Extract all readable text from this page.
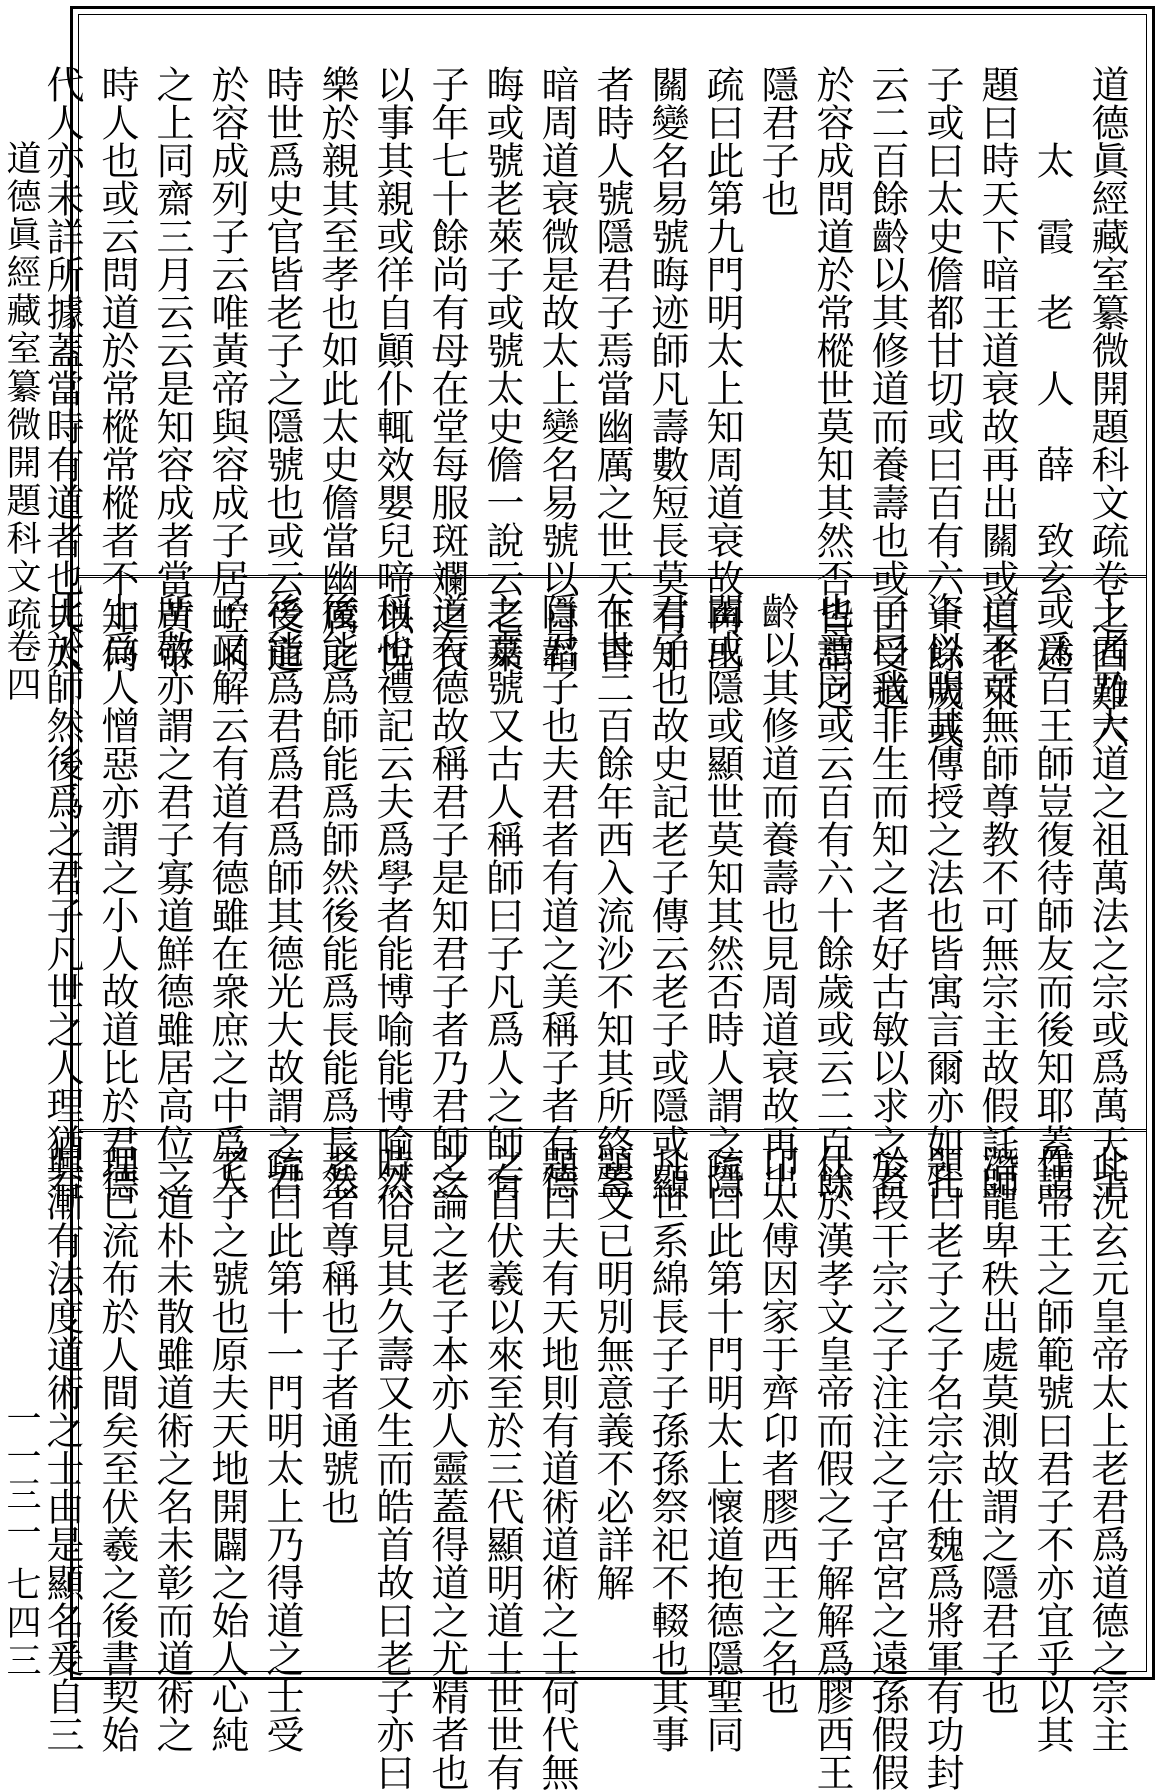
道德眞經藏室纂微開題科文疏
卷四
一一三一 七四三
道德眞經藏室纂微開題科文疏卷之四難六
　　太　霞　老　人　薛　致玄　述
題曰時天下暗王道衰故再出關或曰老萊
子或曰太史儋都甘切或曰百有六十餘歲或
云二百餘齡以其修道而養壽也或曰受道
於容成問道於常樅世莫知其然否皆謂之
隱君子也
疏曰此第九門明太上知周道衰故再出
關變名易號晦迹師凡壽數短長莫有知
者時人號隱君子焉當幽厲之世天下昏
暗周道衰微是故太上變名易號以自韜
晦或號老萊子或號太史儋一說云老萊
子年七十餘尚有母在堂每服斑斕之衣
以事其親或徉自顚仆輒效嬰兒啼以悅
樂於親其至孝也如此太史儋當幽厲之
時世爲史官皆老子之隱號也或云受道
於容成列子云唯黃帝與容成子居崆峒
之上同齋三月云云是知容成者當黃帝
時人也或云問道於常樅常樅者不知何
代人亦未詳所據蓋當時有道者也夫太
上者乃大道之祖萬法之宗或爲萬天主
或爲百王師豈復待師友而後知耶蓋謂
道不可無師尊教不可無宗主故假託師
資以明其傳授之法也皆寓言爾亦如孔
子曰我非生而知之者好古敏以求之者
也意同或云百有六十餘歲或云二百餘
齡以其修道而養壽也見周道衰故再出
關或隱或顯世莫知其然否時人謂之隱
君子也故史記老子傳云老子或隱或顯
在世二百餘年西入流沙不知其所終蓋
隱君子也夫君者有道之美稱子者有德
之嘉號又古人稱師曰子凡爲人之師有
道有德故稱君子是知君子者乃君師之
稱也禮記云夫爲學者能博喻能博喻然
後能爲師能爲師然後能爲長能爲長然
後能爲君爲君爲師其德光大故謂之君
子又解云有道有德雖在衆庶之中爲人
所敬亦謂之君子寡道鮮德雖居高位之
上爲人憎惡亦謂之小人故道比於君德
比於師然後爲之君子凡世之人理猶若
此況玄元皇帝太上老君爲道德之宗主
作帝王之師範號曰君子不亦宜乎以其
潛龍卑秩出處莫測故謂之隱君子也
題曰老子之子名宗宗仕魏爲將軍有功封
於段干宗之子注注之子宮宮之遠孫假假
仕於漢孝文皇帝而假之子解解爲膠西王
卬太傅因家于齊卬者膠西王之名也
疏曰此第十門明太上懷道抱德隱聖同
凡世系綿長子子孫孫祭祀不輟也其事
題文已明別無意義不必詳解
題曰夫有天地則有道術道術之士何代無
之自伏羲以來至於三代顯明道士世世有
之論之老子本亦人靈蓋得道之尤精者也
時俗見其久壽又生而皓首故曰老子亦曰
老者尊稱也子者通號也
疏曰此第十一門明太上乃得道之士受
老子之號也原夫天地開闢之始人心純
一道朴未散雖道術之名未彰而道術之
理已流布於人間矣至伏羲之後書契始
興漸有法度道術之士由是顯名爰自三
